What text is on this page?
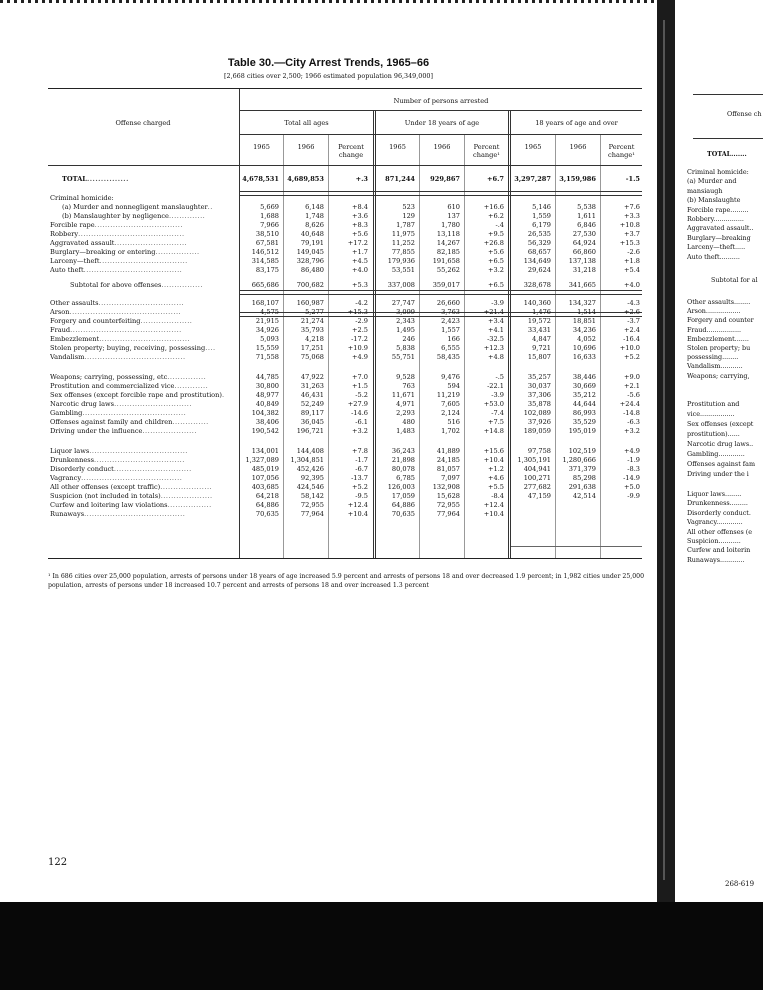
Table 30.—City Arrest Trends, 1965–66
[2,668 cities over 2,500; 1966 estimated population 96,349,000]
Offense charged
Number of persons arrested
Total all ages	Under 18 years of age	18 years of age and over
1965	1966	Percent change
1965	1966	Percent change¹
1965	1966	Percent change¹
TOTAL...............	4,678,531	4,689,853	+.3	871,244	929,867	+6.7	3,297,287	3,159,986	-1.5
Criminal homicide:
(a) Murder and nonnegligent manslaughter..	5,669	6,148	+8.4	523	610	+16.6	5,146	5,538	+7.6
(b) Manslaughter by negligence..............	1,688	1,748	+3.6	129	137	+6.2	1,559	1,611	+3.3
Forcible rape..................................	7,966	8,626	+8.3	1,787	1,780	-.4	6,179	6,846	+10.8
Robbery.........................................	38,510	40,648	+5.6	11,975	13,118	+9.5	26,535	27,530	+3.7
Aggravated assault............................	67,581	79,191	+17.2	11,252	14,267	+26.8	56,329	64,924	+15.3
Burglary—breaking or entering.................	146,512	149,045	+1.7	77,855	82,185	+5.6	68,657	66,860	-2.6
Larceny—theft..................................	314,585	328,796	+4.5	179,936	191,658	+6.5	134,649	137,138	+1.8
Auto theft......................................	83,175	86,480	+4.0	53,551	55,262	+3.2	29,624	31,218	+5.4
Subtotal for above offenses................	665,686	700,682	+5.3	337,008	359,017	+6.5	328,678	341,665	+4.0
Other assaults.................................	168,107	160,987	-4.2	27,747	26,660	-3.9	140,360	134,327	-4.3
Arson...........................................	4,575	5,277	+15.3	3,099	3,763	+21.4	1,476	1,514	+2.6
Forgery and counterfeiting....................	21,915	21,274	-2.9	2,343	2,423	+3.4	19,572	18,851	-3.7
Fraud...........................................	34,926	35,793	+2.5	1,495	1,557	+4.1	33,431	34,236	+2.4
Embezzlement...................................	5,093	4,218	-17.2	246	166	-32.5	4,847	4,052	-16.4
Stolen property; buying, receiving, possessing....	15,559	17,251	+10.9	5,838	6,555	+12.3	9,721	10,696	+10.0
Vandalism.......................................	71,558	75,068	+4.9	55,751	58,435	+4.8	15,807	16,633	+5.2
Weapons; carrying, possessing, etc...............	44,785	47,922	+7.0	9,528	9,476	-.5	35,257	38,446	+9.0
Prostitution and commercialized vice.............	30,800	31,263	+1.5	763	594	-22.1	30,037	30,669	+2.1
Sex offenses (except forcible rape and prostitution).	48,977	46,431	-5.2	11,671	11,219	-3.9	37,306	35,212	-5.6
Narcotic drug laws..............................	40,849	52,249	+27.9	4,971	7,605	+53.0	35,878	44,644	+24.4
Gambling........................................	104,382	89,117	-14.6	2,293	2,124	-7.4	102,089	86,993	-14.8
Offenses against family and children..............	38,406	36,045	-6.1	480	516	+7.5	37,926	35,529	-6.3
Driving under the influence.....................	190,542	196,721	+3.2	1,483	1,702	+14.8	189,059	195,019	+3.2
Liquor laws......................................	134,001	144,408	+7.8	36,243	41,889	+15.6	97,758	102,519	+4.9
Drunkenness...................................	1,327,089	1,304,851	-1.7	21,898	24,185	+10.4	1,305,191	1,280,666	-1.9
Disorderly conduct..............................	485,019	452,426	-6.7	80,078	81,057	+1.2	404,941	371,379	-8.3
Vagrancy.......................................	107,056	92,395	-13.7	6,785	7,097	+4.6	100,271	85,298	-14.9
All other offenses (except traffic)....................	403,685	424,546	+5.2	126,003	132,908	+5.5	277,682	291,638	+5.0
Suspicion (not included in totals)....................	64,218	58,142	-9.5	17,059	15,628	-8.4	47,159	42,514	-9.9
Curfew and loitering law violations.................	64,886	72,955	+12.4	64,886	72,955	+12.4
Runaways.......................................	70,635	77,964	+10.4	70,635	77,964	+10.4
¹ In 686 cities over 25,000 population, arrests of persons under 18 years of age increased 5.9 percent and arrests of persons 18 and over decreased 1.9 percent; in 1,982 cities under 25,000 population, arrests of persons under 18 increased 10.7 percent and arrests of persons 18 and over increased 1.3 percent
122
Offense ch
TOTAL.......
Criminal homicide:
(a) Murder and
mansiaugh
(b) Manslaughte
Forcible rape.........
Robbery...............
Aggravated assault..
Burglary—breaking
Larceny—theft.....
Auto theft..........
Subtotal for al
Other assaults........
Arson.................
Forgery and counter
Fraud.................
Embezzlement.......
Stolen property; bu
possessing........
Vandalism...........
Weapons; carrying,
Prostitution and
vice.................
Sex offenses (except
prostitution)......
Narcotic drug laws..
Gambling.............
Offenses against fam
Driving under the i
Liquor laws........
Drunkenness.........
Disorderly conduct.
Vagrancy.............
All other offenses (e
Suspicion...........
Curfew and loiterin
Runaways............
268-619
